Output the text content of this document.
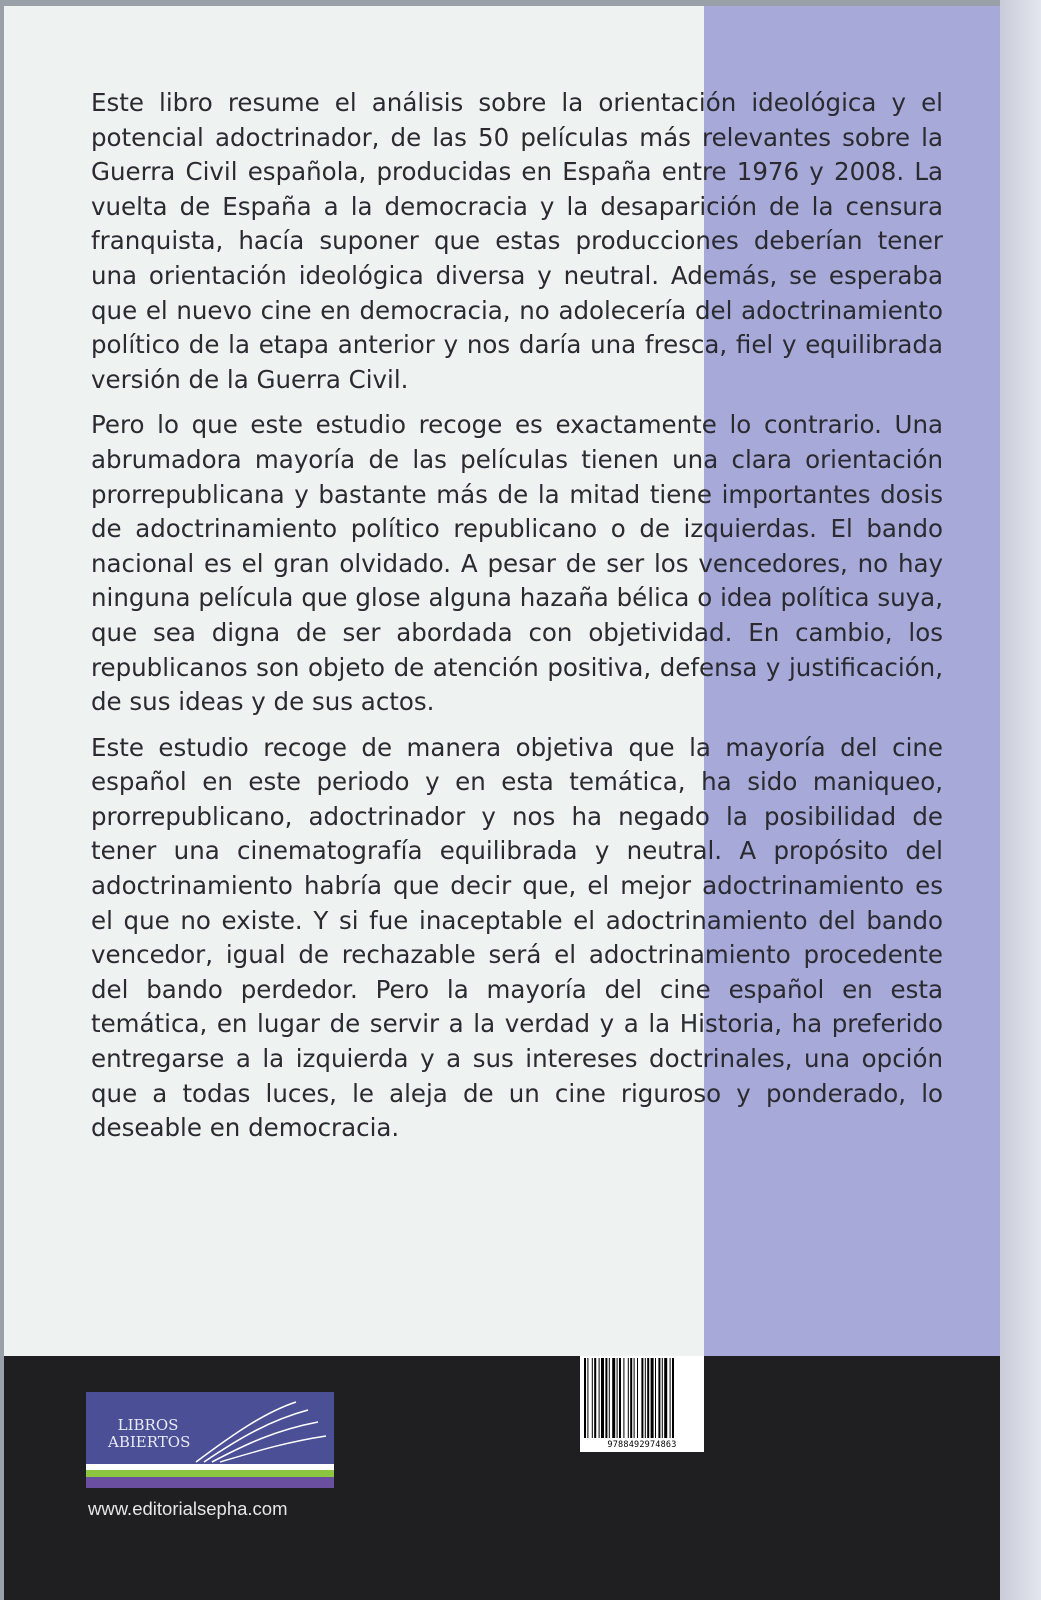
Este libro resume el análisis sobre la orientación ideológica y el potencial adoctrinador, de las 50 películas más relevantes sobre la Guerra Civil española, producidas en España entre 1976 y 2008. La vuelta de España a la democracia y la desaparición de la censura franquista, hacía suponer que estas producciones deberían tener una orientación ideológica diversa y neutral. Además, se esperaba que el nuevo cine en democracia, no adolecería del adoctrinamiento político de la etapa anterior y nos daría una fresca, fiel y equilibrada versión de la Guerra Civil.

Pero lo que este estudio recoge es exactamente lo contrario. Una abrumadora mayoría de las películas tienen una clara orientación prorrepublicana y bastante más de la mitad tiene importantes dosis de adoctrinamiento político republicano o de izquierdas. El bando nacional es el gran olvidado. A pesar de ser los vencedores, no hay ninguna película que glose alguna hazaña bélica o idea política suya, que sea digna de ser abordada con objetividad. En cambio, los republicanos son objeto de atención positiva, defensa y justificación, de sus ideas y de sus actos.

Este estudio recoge de manera objetiva que la mayoría del cine español en este periodo y en esta temática, ha sido maniqueo, prorrepublicano, adoctrinador y nos ha negado la posibilidad de tener una cinematografía equilibrada y neutral. A propósito del adoctrinamiento habría que decir que, el mejor adoctrinamiento es el que no existe. Y si fue inaceptable el adoctrinamiento del bando vencedor, igual de rechazable será el adoctrinamiento procedente del bando perdedor. Pero la mayoría del cine español en esta temática, en lugar de servir a la verdad y a la Historia, ha preferido entregarse a la izquierda y a sus intereses doctrinales, una opción que a todas luces, le aleja de un cine riguroso y ponderado, lo deseable en democracia.

9788492974863
LIBROS
ABIERTOS
www.editorialsepha.com
